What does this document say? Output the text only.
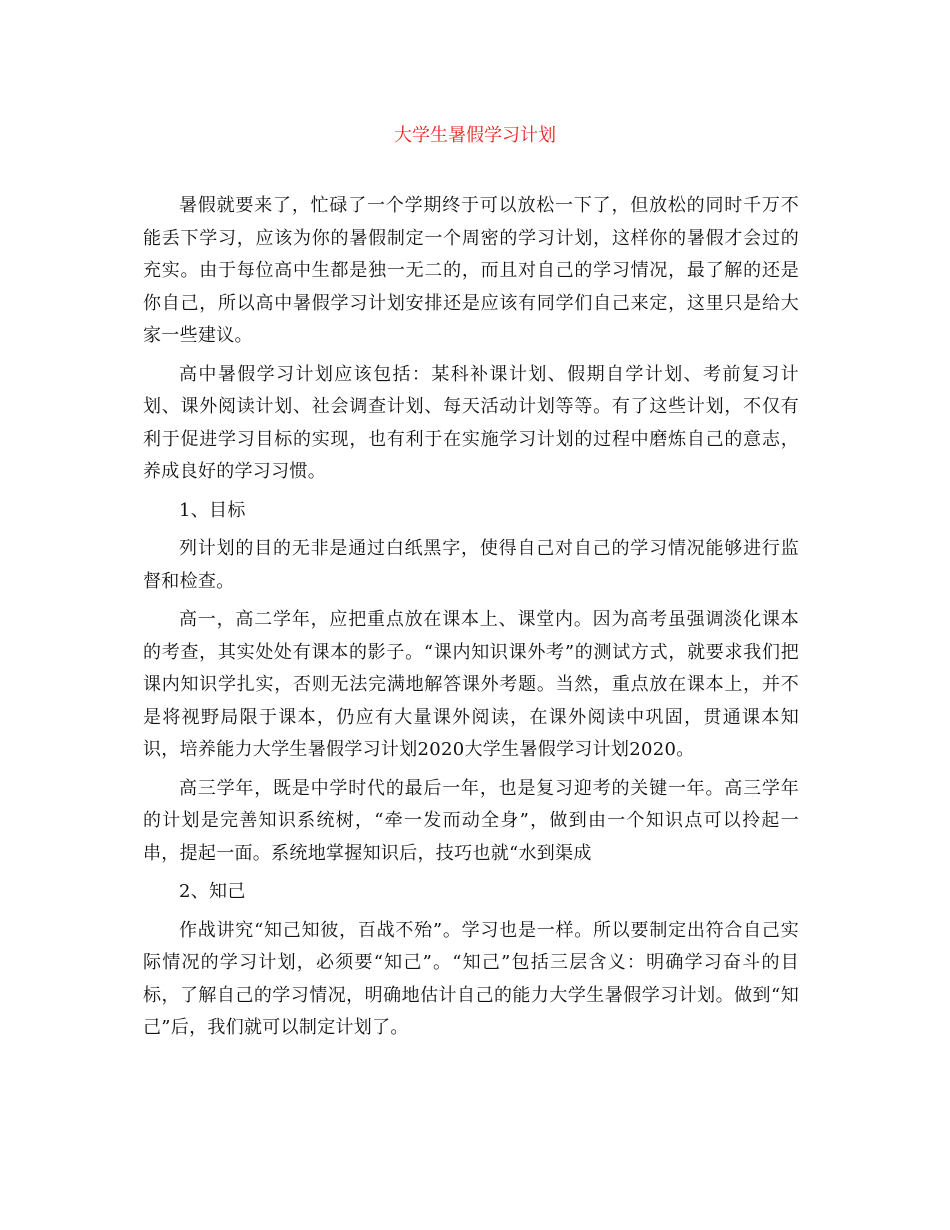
大学生暑假学习计划

暑假就要来了，忙碌了一个学期终于可以放松一下了，但放松的同时千万不能丢下学习，应该为你的暑假制定一个周密的学习计划，这样你的暑假才会过的充实。由于每位高中生都是独一无二的，而且对自己的学习情况，最了解的还是你自己，所以高中暑假学习计划安排还是应该有同学们自己来定，这里只是给大家一些建议。

高中暑假学习计划应该包括：某科补课计划、假期自学计划、考前复习计划、课外阅读计划、社会调查计划、每天活动计划等等。有了这些计划，不仅有利于促进学习目标的实现，也有利于在实施学习计划的过程中磨炼自己的意志，养成良好的学习习惯。

1、目标

列计划的目的无非是通过白纸黑字，使得自己对自己的学习情况能够进行监督和检查。

高一，高二学年，应把重点放在课本上、课堂内。因为高考虽强调淡化课本的考查，其实处处有课本的影子。“课内知识课外考”的测试方式，就要求我们把课内知识学扎实，否则无法完满地解答课外考题。当然，重点放在课本上，并不是将视野局限于课本，仍应有大量课外阅读，在课外阅读中巩固，贯通课本知识，培养能力大学生暑假学习计划2020大学生暑假学习计划2020。

高三学年，既是中学时代的最后一年，也是复习迎考的关键一年。高三学年的计划是完善知识系统树，“牵一发而动全身”，做到由一个知识点可以拎起一串，提起一面。系统地掌握知识后，技巧也就“水到渠成

2、知己

作战讲究“知己知彼，百战不殆”。学习也是一样。所以要制定出符合自己实际情况的学习计划，必须要“知己”。“知己”包括三层含义：明确学习奋斗的目标，了解自己的学习情况，明确地估计自己的能力大学生暑假学习计划。做到“知己”后，我们就可以制定计划了。
